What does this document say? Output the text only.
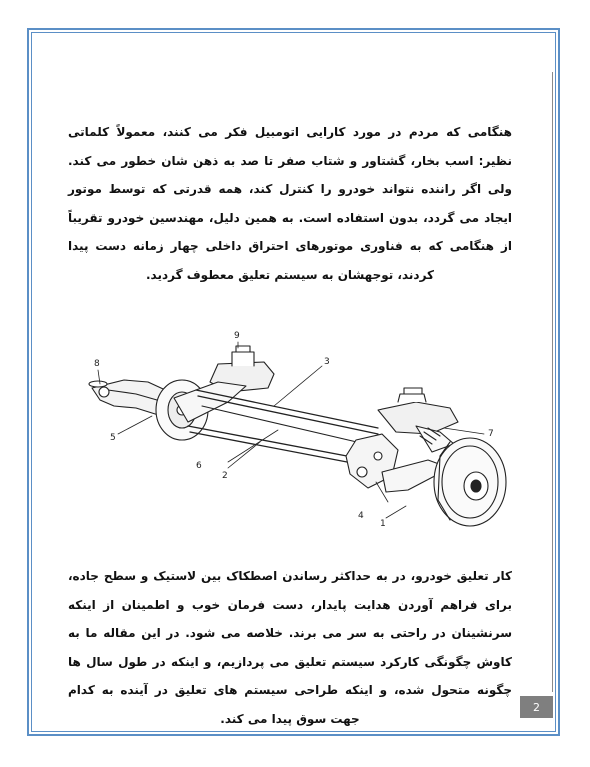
هنگامی که مردم در مورد کارایی اتومبیل فکر می کنند، معمولاً کلماتی نظیر: اسب بخار، گشتاور و شتاب صفر تا صد به ذهن شان خطور می کند. ولی اگر راننده نتواند خودرو را کنترل کند، همه قدرتی که توسط موتور ایجاد می گردد، بدون استفاده است. به همین دلیل، مهندسین خودرو تقریباً از هنگامی که به فناوری موتورهای احتراق داخلی چهار زمانه دست پیدا کردند، توجهشان به سیستم تعلیق معطوف گردید.
9
8	3
7
5
6
2
4
1
کار تعلیق خودرو، در به حداکثر رساندن اصطکاک بین لاستیک و سطح جاده، برای فراهم آوردن هدایت پایدار، دست فرمان خوب و اطمینان از اینکه سرنشینان در راحتی به سر می برند. خلاصه می شود. در این مقاله ما به کاوش چگونگی کارکرد سیستم تعلیق می پردازیم، و اینکه در طول سال ها چگونه متحول شده، و اینکه طراحی سیستم های تعلیق در آینده به کدام جهت سوق پیدا می کند.
2
